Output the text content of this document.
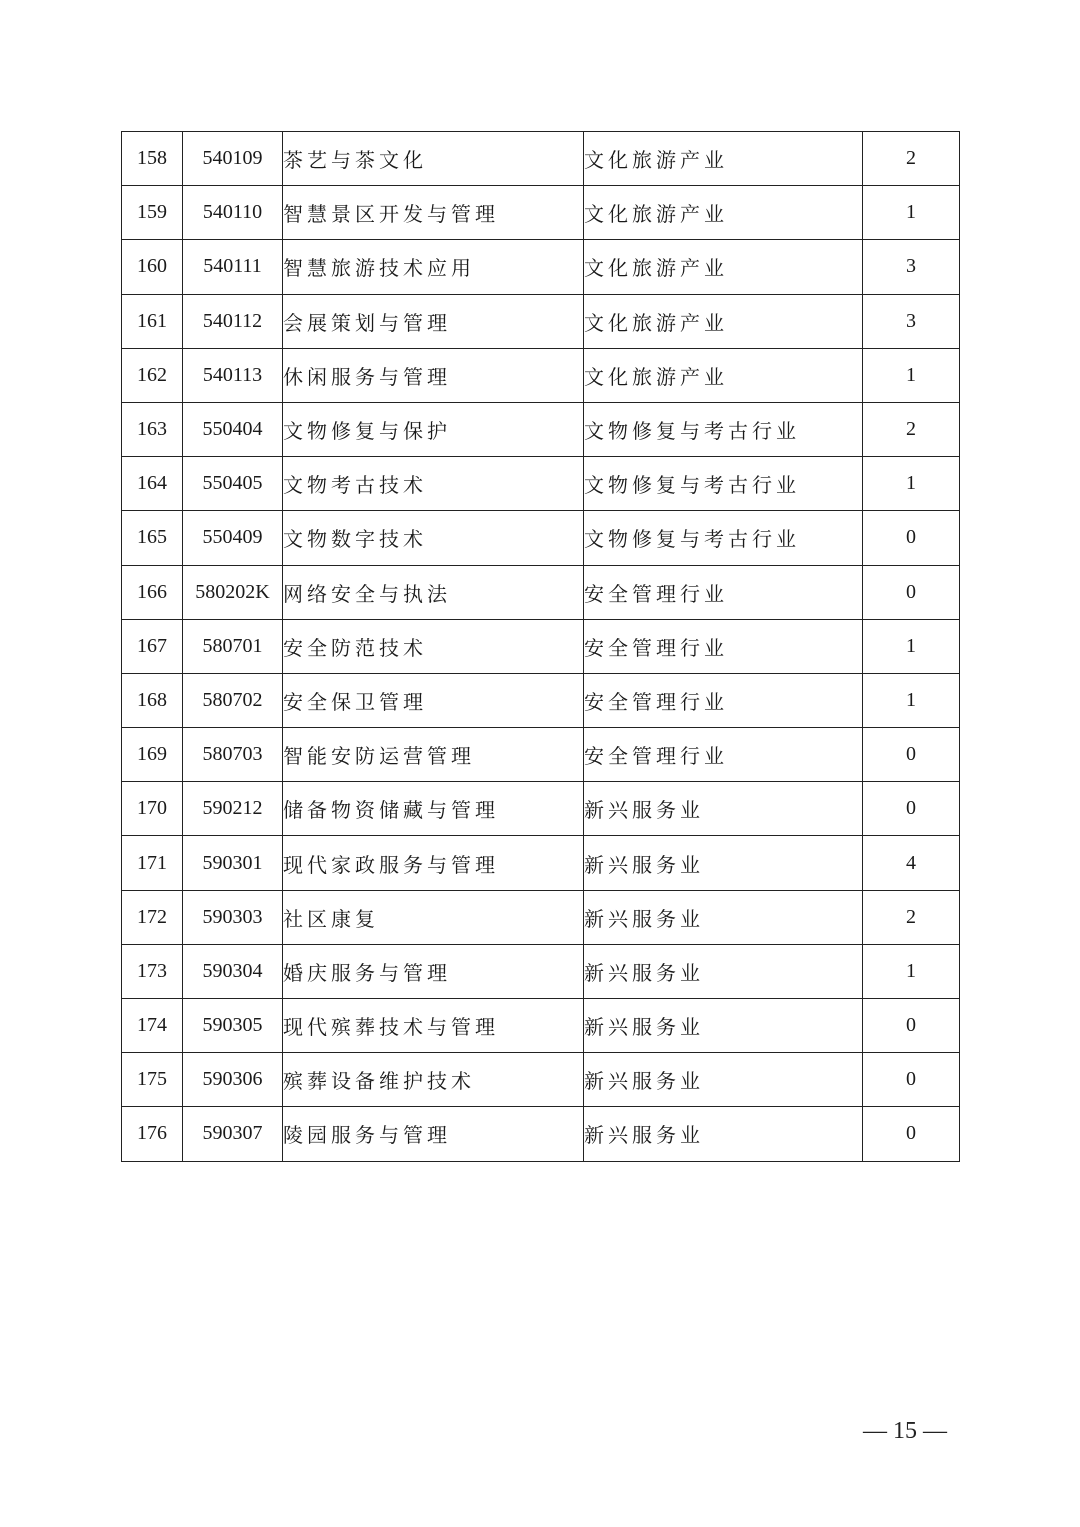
158	540109	茶艺与茶文化	文化旅游产业	2
159	540110	智慧景区开发与管理	文化旅游产业	1
160	540111	智慧旅游技术应用	文化旅游产业	3
161	540112	会展策划与管理	文化旅游产业	3
162	540113	休闲服务与管理	文化旅游产业	1
163	550404	文物修复与保护	文物修复与考古行业	2
164	550405	文物考古技术	文物修复与考古行业	1
165	550409	文物数字技术	文物修复与考古行业	0
166	580202K	网络安全与执法	安全管理行业	0
167	580701	安全防范技术	安全管理行业	1
168	580702	安全保卫管理	安全管理行业	1
169	580703	智能安防运营管理	安全管理行业	0
170	590212	储备物资储藏与管理	新兴服务业	0
171	590301	现代家政服务与管理	新兴服务业	4
172	590303	社区康复	新兴服务业	2
173	590304	婚庆服务与管理	新兴服务业	1
174	590305	现代殡葬技术与管理	新兴服务业	0
175	590306	殡葬设备维护技术	新兴服务业	0
176	590307	陵园服务与管理	新兴服务业	0
— 15 —
